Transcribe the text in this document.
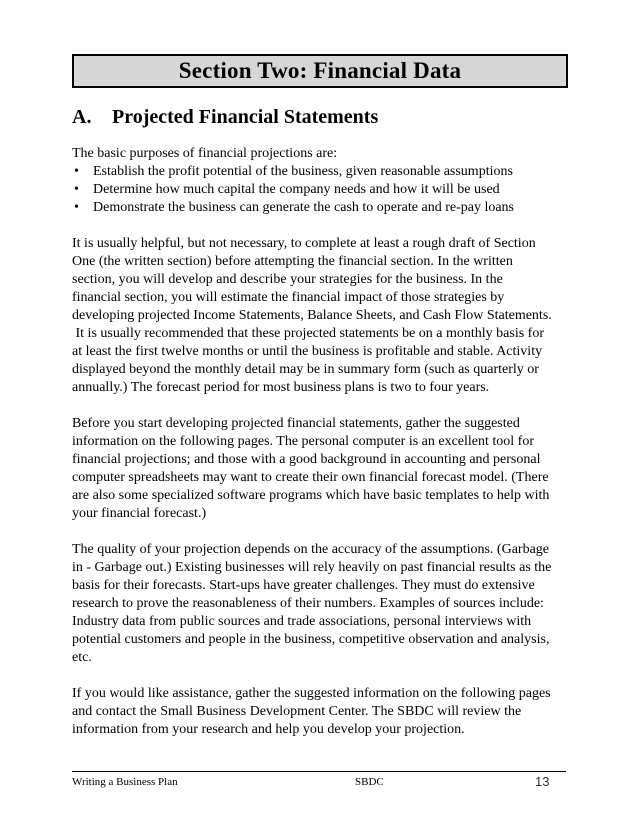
Section Two: Financial Data
A. Projected Financial Statements
The basic purposes of financial projections are:
• Establish the profit potential of the business, given reasonable assumptions
• Determine how much capital the company needs and how it will be used
• Demonstrate the business can generate the cash to operate and re-pay loans
It is usually helpful, but not necessary, to complete at least a rough draft of Section
One (the written section) before attempting the financial section. In the written
section, you will develop and describe your strategies for the business. In the
financial section, you will estimate the financial impact of those strategies by
developing projected Income Statements, Balance Sheets, and Cash Flow Statements.
It is usually recommended that these projected statements be on a monthly basis for
at least the first twelve months or until the business is profitable and stable. Activity
displayed beyond the monthly detail may be in summary form (such as quarterly or
annually.) The forecast period for most business plans is two to four years.
Before you start developing projected financial statements, gather the suggested
information on the following pages. The personal computer is an excellent tool for
financial projections; and those with a good background in accounting and personal
computer spreadsheets may want to create their own financial forecast model. (There
are also some specialized software programs which have basic templates to help with
your financial forecast.)
The quality of your projection depends on the accuracy of the assumptions. (Garbage
in - Garbage out.) Existing businesses will rely heavily on past financial results as the
basis for their forecasts. Start-ups have greater challenges. They must do extensive
research to prove the reasonableness of their numbers. Examples of sources include:
Industry data from public sources and trade associations, personal interviews with
potential customers and people in the business, competitive observation and analysis,
etc.
If you would like assistance, gather the suggested information on the following pages
and contact the Small Business Development Center. The SBDC will review the
information from your research and help you develop your projection.
Writing a Business Plan	SBDC	13
